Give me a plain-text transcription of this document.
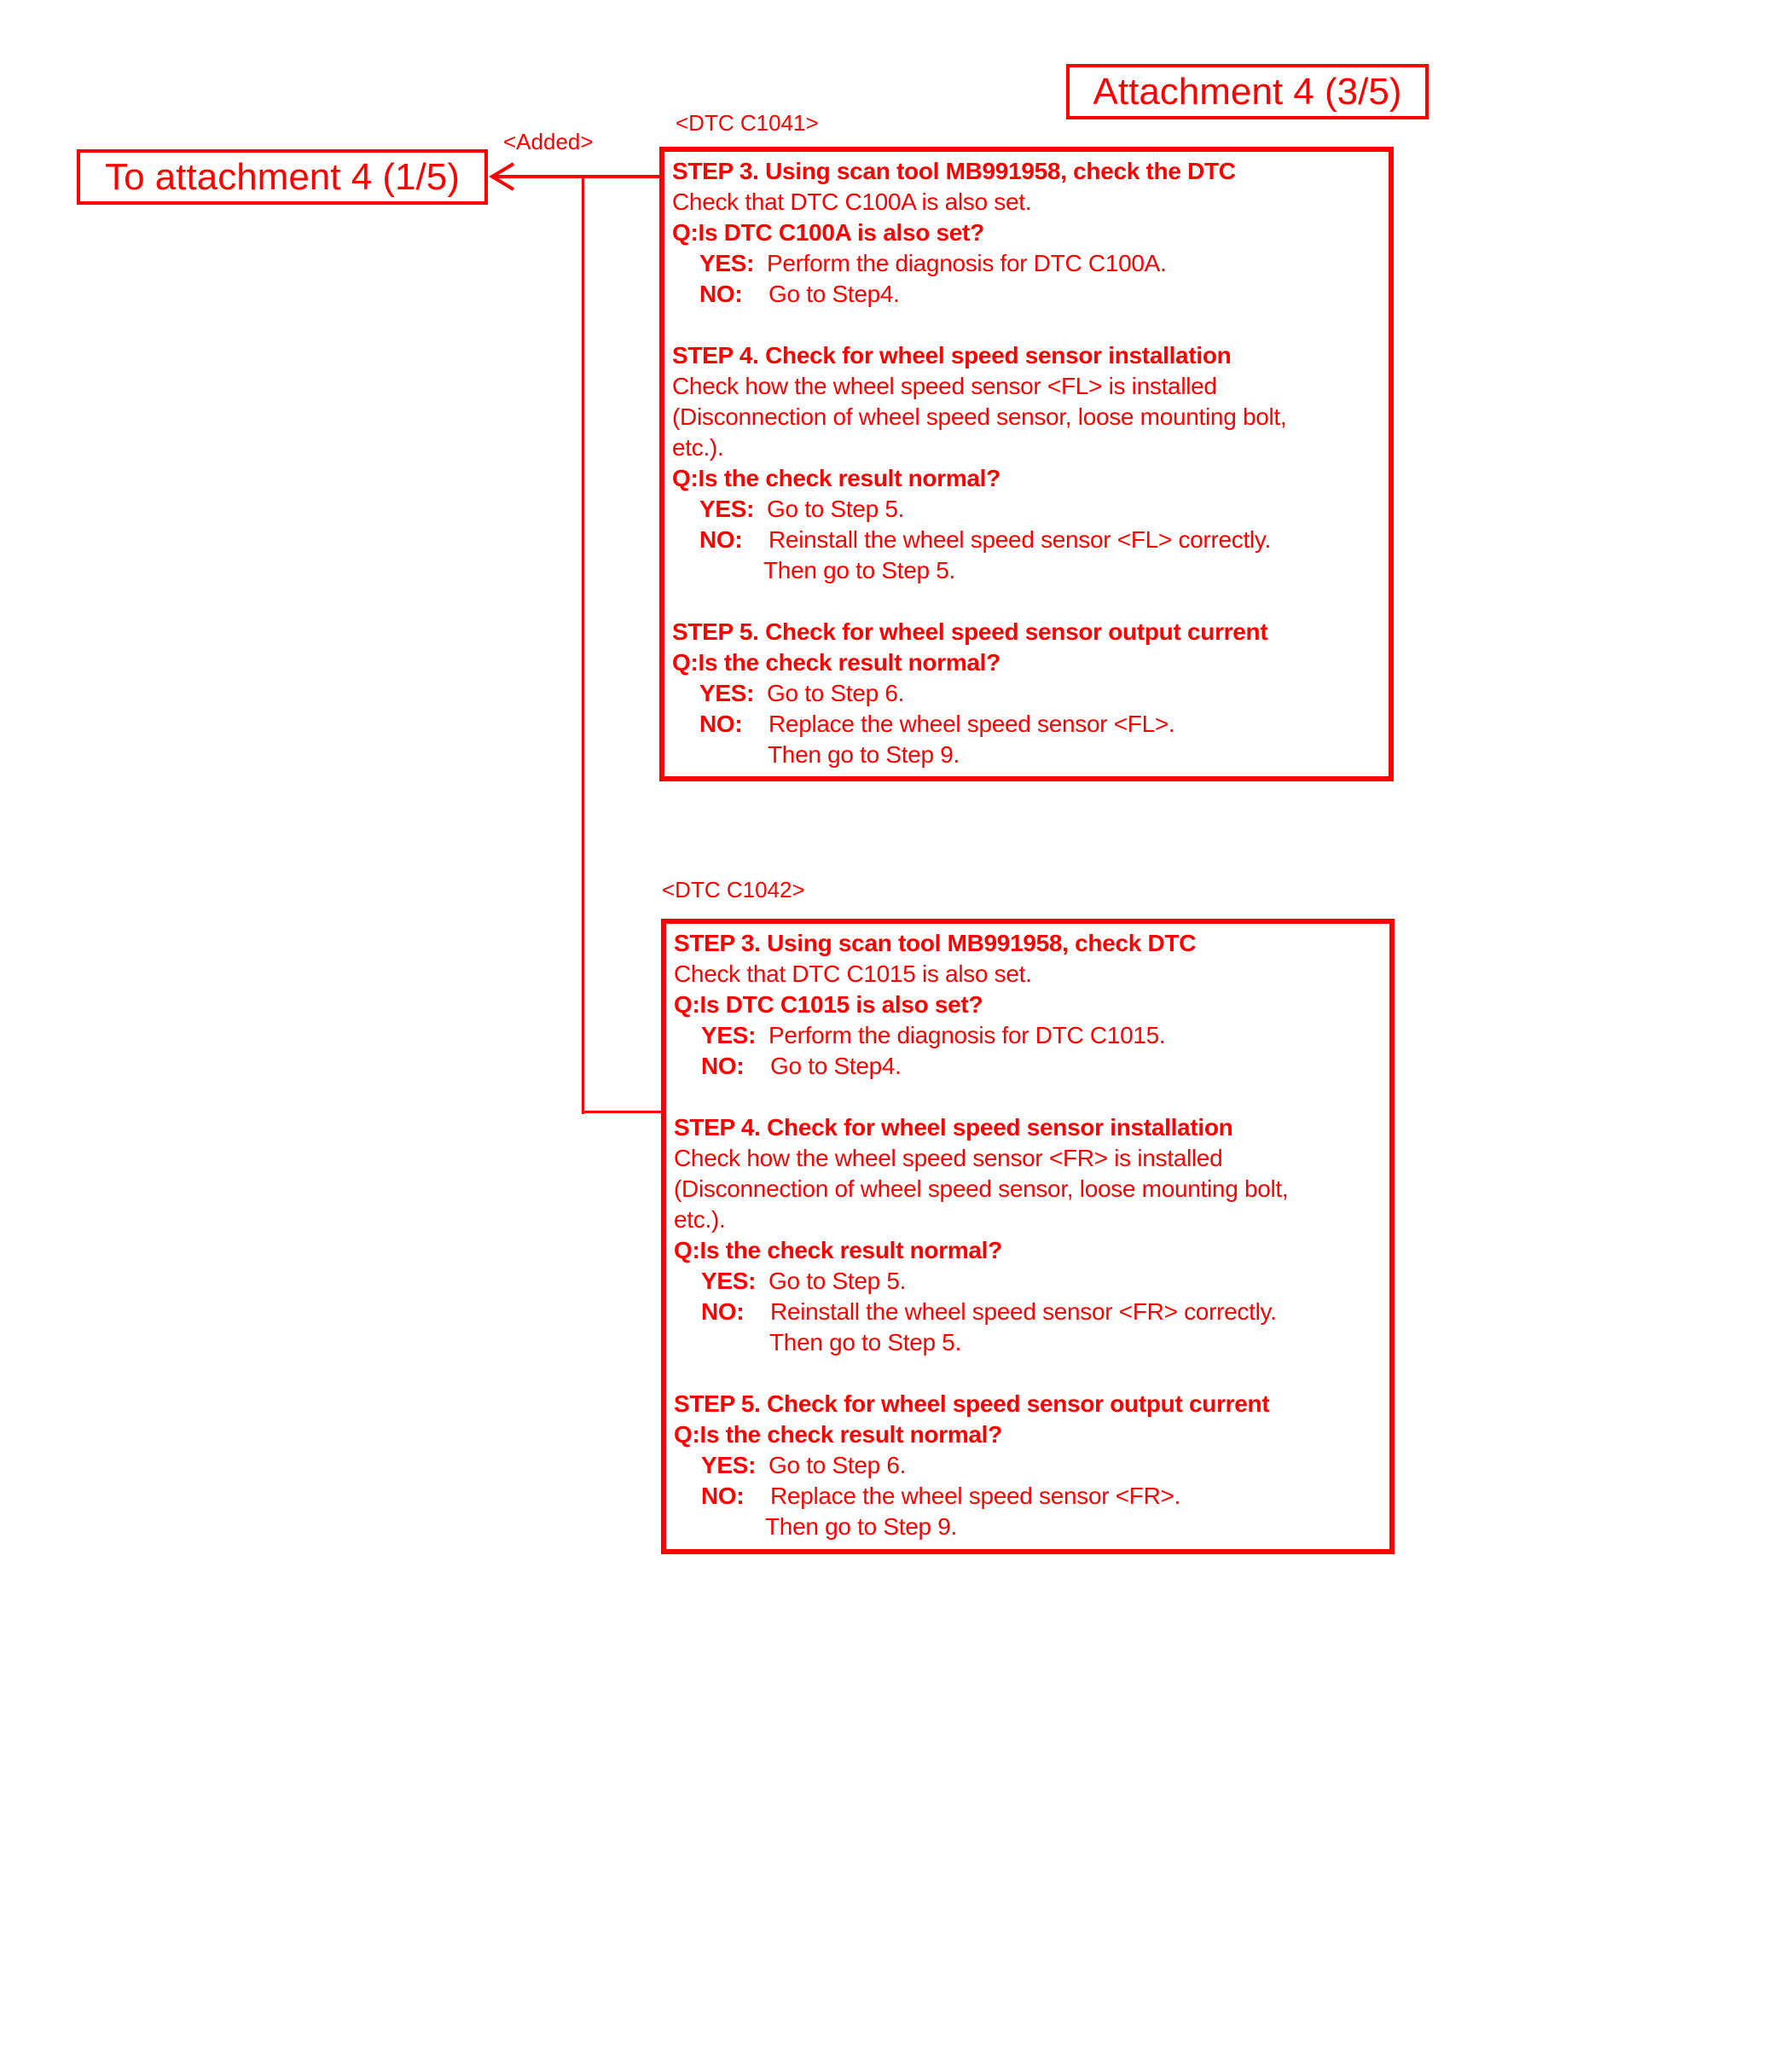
Attachment 4 (3/5)
To attachment 4 (1/5)
<Added>
<DTC C1041>
STEP 3. Using scan tool MB991958, check the DTC
Check that DTC C100A is also set.
Q:Is DTC C100A is also set?
YES: Perform the diagnosis for DTC C100A.
NO: Go to Step4.
STEP 4. Check for wheel speed sensor installation
Check how the wheel speed sensor <FL> is installed
(Disconnection of wheel speed sensor, loose mounting bolt,
etc.).
Q:Is the check result normal?
YES: Go to Step 5.
NO: Reinstall the wheel speed sensor <FL> correctly.
Then go to Step 5.
STEP 5. Check for wheel speed sensor output current
Q:Is the check result normal?
YES: Go to Step 6.
NO: Replace the wheel speed sensor <FL>.
Then go to Step 9.
<DTC C1042>
STEP 3. Using scan tool MB991958, check DTC
Check that DTC C1015 is also set.
Q:Is DTC C1015 is also set?
YES: Perform the diagnosis for DTC C1015.
NO: Go to Step4.
STEP 4. Check for wheel speed sensor installation
Check how the wheel speed sensor <FR> is installed
(Disconnection of wheel speed sensor, loose mounting bolt,
etc.).
Q:Is the check result normal?
YES: Go to Step 5.
NO: Reinstall the wheel speed sensor <FR> correctly.
Then go to Step 5.
STEP 5. Check for wheel speed sensor output current
Q:Is the check result normal?
YES: Go to Step 6.
NO: Replace the wheel speed sensor <FR>.
Then go to Step 9.
